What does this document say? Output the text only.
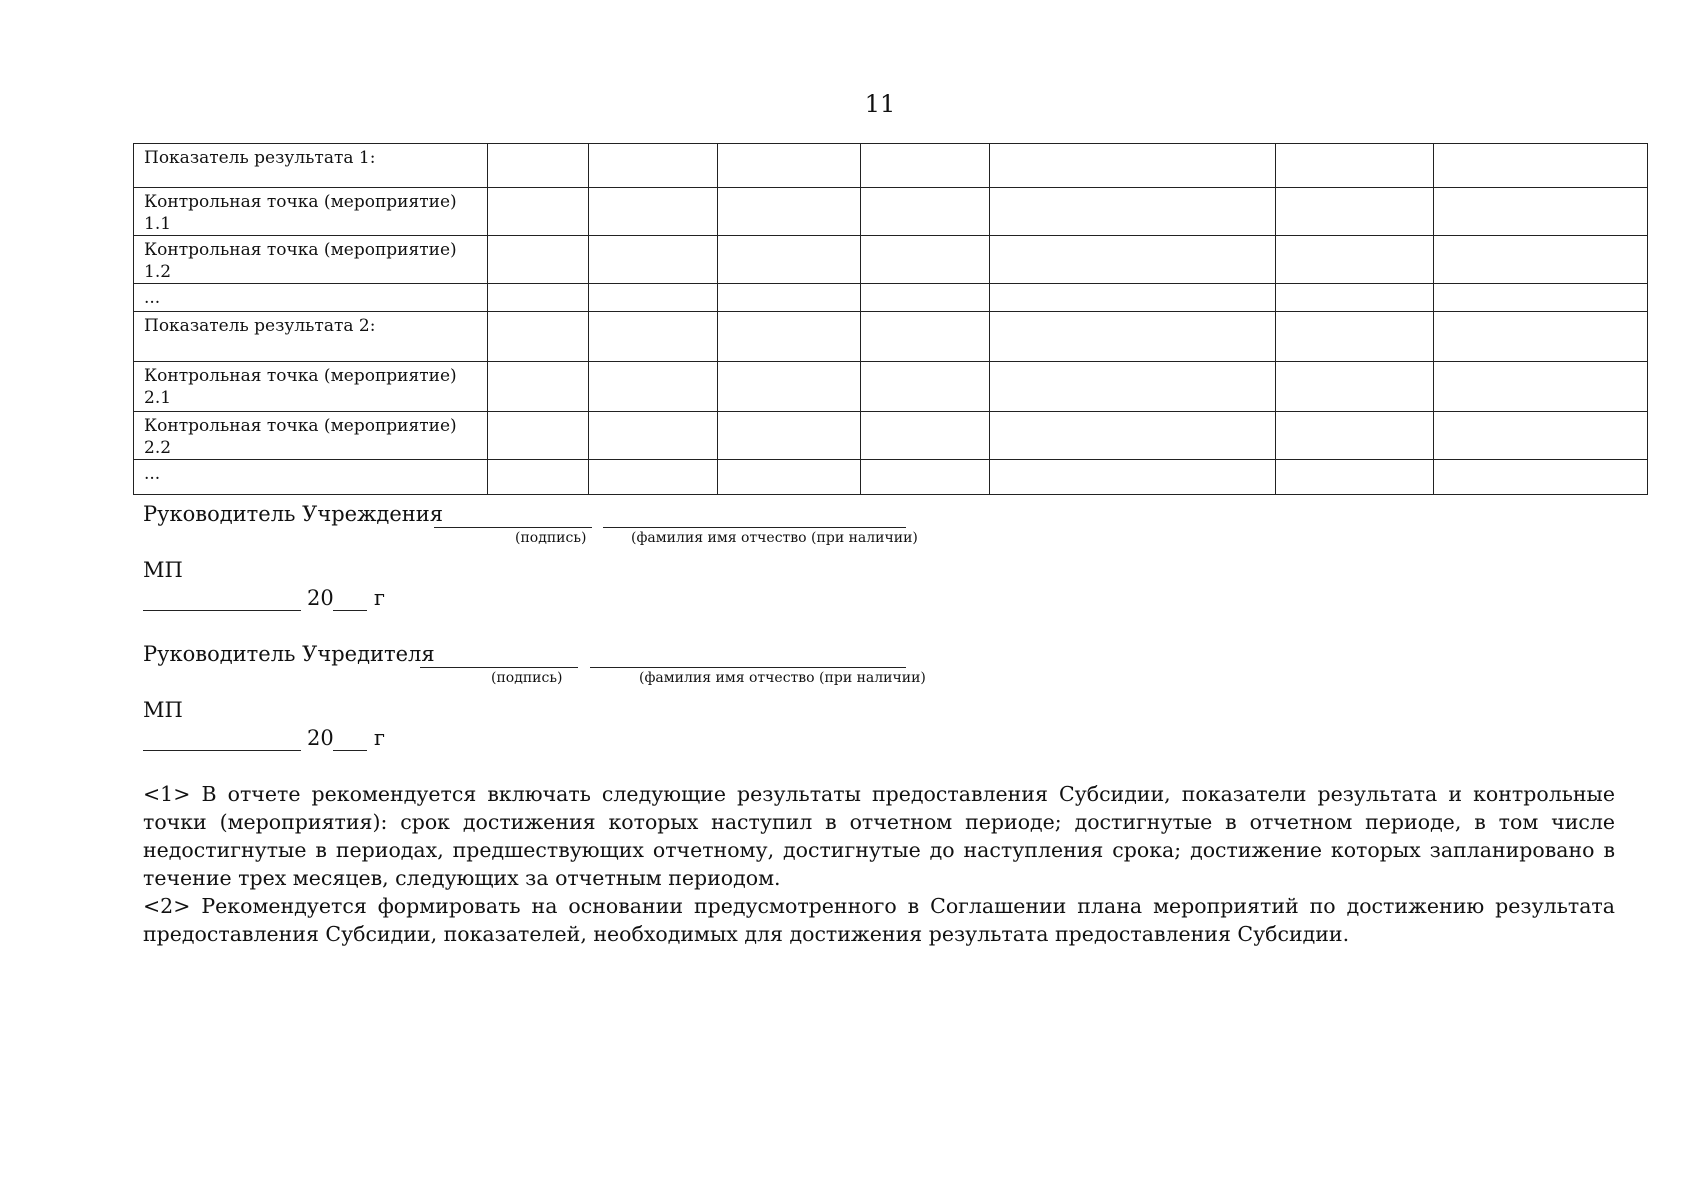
11
Показатель результата 1:							
Контрольная точка (мероприятие) 1.1							
Контрольная точка (мероприятие) 1.2							
...							
Показатель результата 2:							
Контрольная точка (мероприятие) 2.1							
Контрольная точка (мероприятие) 2.2							
...							
Руководитель Учреждения
(подпись)	(фамилия имя отчество (при наличии)
МП
20 г
Руководитель Учредителя
(подпись)	(фамилия имя отчество (при наличии)
МП
20 г

<1> В отчете рекомендуется включать следующие результаты предоставления Субсидии, показатели результата и контрольные точки (мероприятия): срок достижения которых наступил в отчетном периоде; достигнутые в отчетном периоде, в том числе недостигнутые в периодах, предшествующих отчетному, достигнутые до наступления срока; достижение которых запланировано в течение трех месяцев, следующих за отчетным периодом.

<2> Рекомендуется формировать на основании предусмотренного в Соглашении плана мероприятий по достижению результата предоставления Субсидии, показателей, необходимых для достижения результата предоставления Субсидии.
